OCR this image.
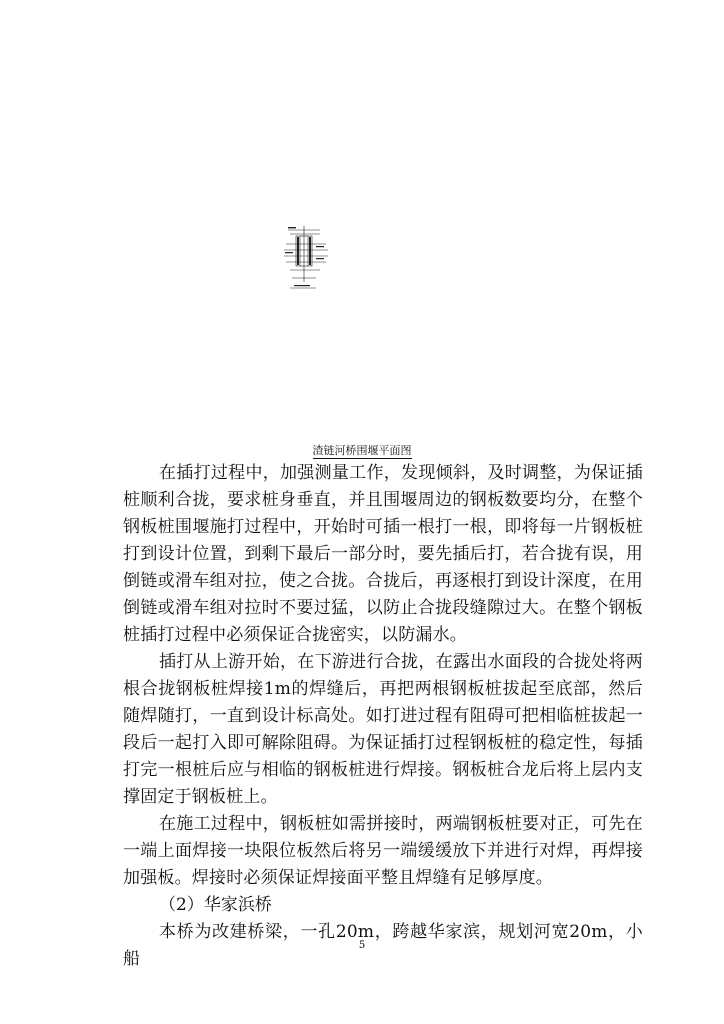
渣链河桥围堰平面图

在插打过程中，加强测量工作，发现倾斜，及时调整，为保证插桩顺利合拢，要求桩身垂直，并且围堰周边的钢板数要均分，在整个钢板桩围堰施打过程中，开始时可插一根打一根，即将每一片钢板桩打到设计位置，到剩下最后一部分时，要先插后打，若合拢有误，用倒链或滑车组对拉，使之合拢。合拢后，再逐根打到设计深度，在用倒链或滑车组对拉时不要过猛，以防止合拢段缝隙过大。在整个钢板桩插打过程中必须保证合拢密实，以防漏水。

插打从上游开始，在下游进行合拢，在露出水面段的合拢处将两根合拢钢板桩焊接1m的焊缝后，再把两根钢板桩拔起至底部，然后随焊随打，一直到设计标高处。如打进过程有阻碍可把相临桩拔起一段后一起打入即可解除阻碍。为保证插打过程钢板桩的稳定性，每插打完一根桩后应与相临的钢板桩进行焊接。钢板桩合龙后将上层内支撑固定于钢板桩上。

在施工过程中，钢板桩如需拼接时，两端钢板桩要对正，可先在一端上面焊接一块限位板然后将另一端缓缓放下并进行对焊，再焊接加强板。焊接时必须保证焊接面平整且焊缝有足够厚度。

（2）华家浜桥

本桥为改建桥梁，一孔20m，跨越华家滨，规划河宽20m，小船

5
